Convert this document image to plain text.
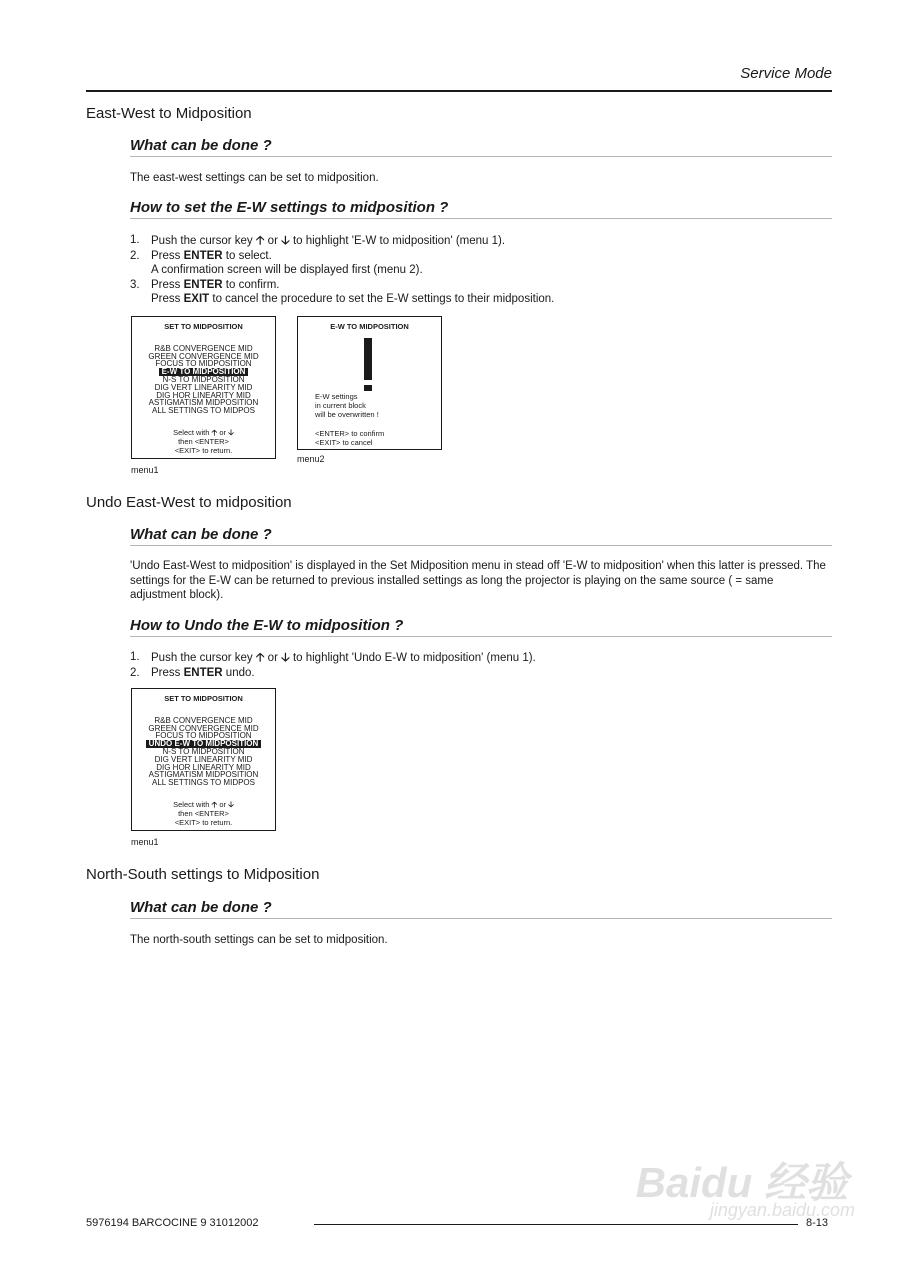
Service Mode
East-West to Midposition
What can be done ?
The east-west settings can be set to midposition.
How to set the E-W settings to midposition ?
1. Push the cursor key 🡡 or 🡣 to highlight 'E-W to midposition' (menu 1).
2. Press ENTER to select.
A confirmation screen will be displayed first (menu 2).
3. Press ENTER to confirm.
Press EXIT to cancel the procedure to set the E-W settings to their midposition.
SET TO MIDPOSITION
R&B CONVERGENCE MID
GREEN CONVERGENCE MID
FOCUS TO MIDPOSITION
E-W TO MIDPOSITION
N-S TO MIDPOSITION
DIG VERT LINEARITY MID
DIG HOR LINEARITY MID
ASTIGMATISM MIDPOSITION
ALL SETTINGS TO MIDPOS
Select with 🡡 or 🡣
then <ENTER>
<EXIT> to return.
menu1
E-W TO MIDPOSITION
E-W settings
in current block
will be overwritten !
<ENTER> to confirm
<EXIT> to cancel
menu2
Undo East-West to midposition
What can be done ?
'Undo East-West to midposition' is displayed in the Set Midposition menu in stead off 'E-W to midposition' when this latter is pressed. The settings for the E-W can be returned to previous installed settings as long the projector is playing on the same source ( = same adjustment block).
How to Undo the E-W to midposition ?
1. Push the cursor key 🡡 or 🡣 to highlight 'Undo E-W to midposition' (menu 1).
2. Press ENTER undo.
SET TO MIDPOSITION
R&B CONVERGENCE MID
GREEN CONVERGENCE MID
FOCUS TO MIDPOSITION
UNDO E-W TO MIDPOSITION
N-S TO MIDPOSITION
DIG VERT LINEARITY MID
DIG HOR LINEARITY MID
ASTIGMATISM MIDPOSITION
ALL SETTINGS TO MIDPOS
Select with 🡡 or 🡣
then <ENTER>
<EXIT> to return.
menu1
North-South settings to Midposition
What can be done ?
The north-south settings can be set to midposition.
Baidu 经验
jingyan.baidu.com
5976194 BARCOCINE 9 31012002	8-13
